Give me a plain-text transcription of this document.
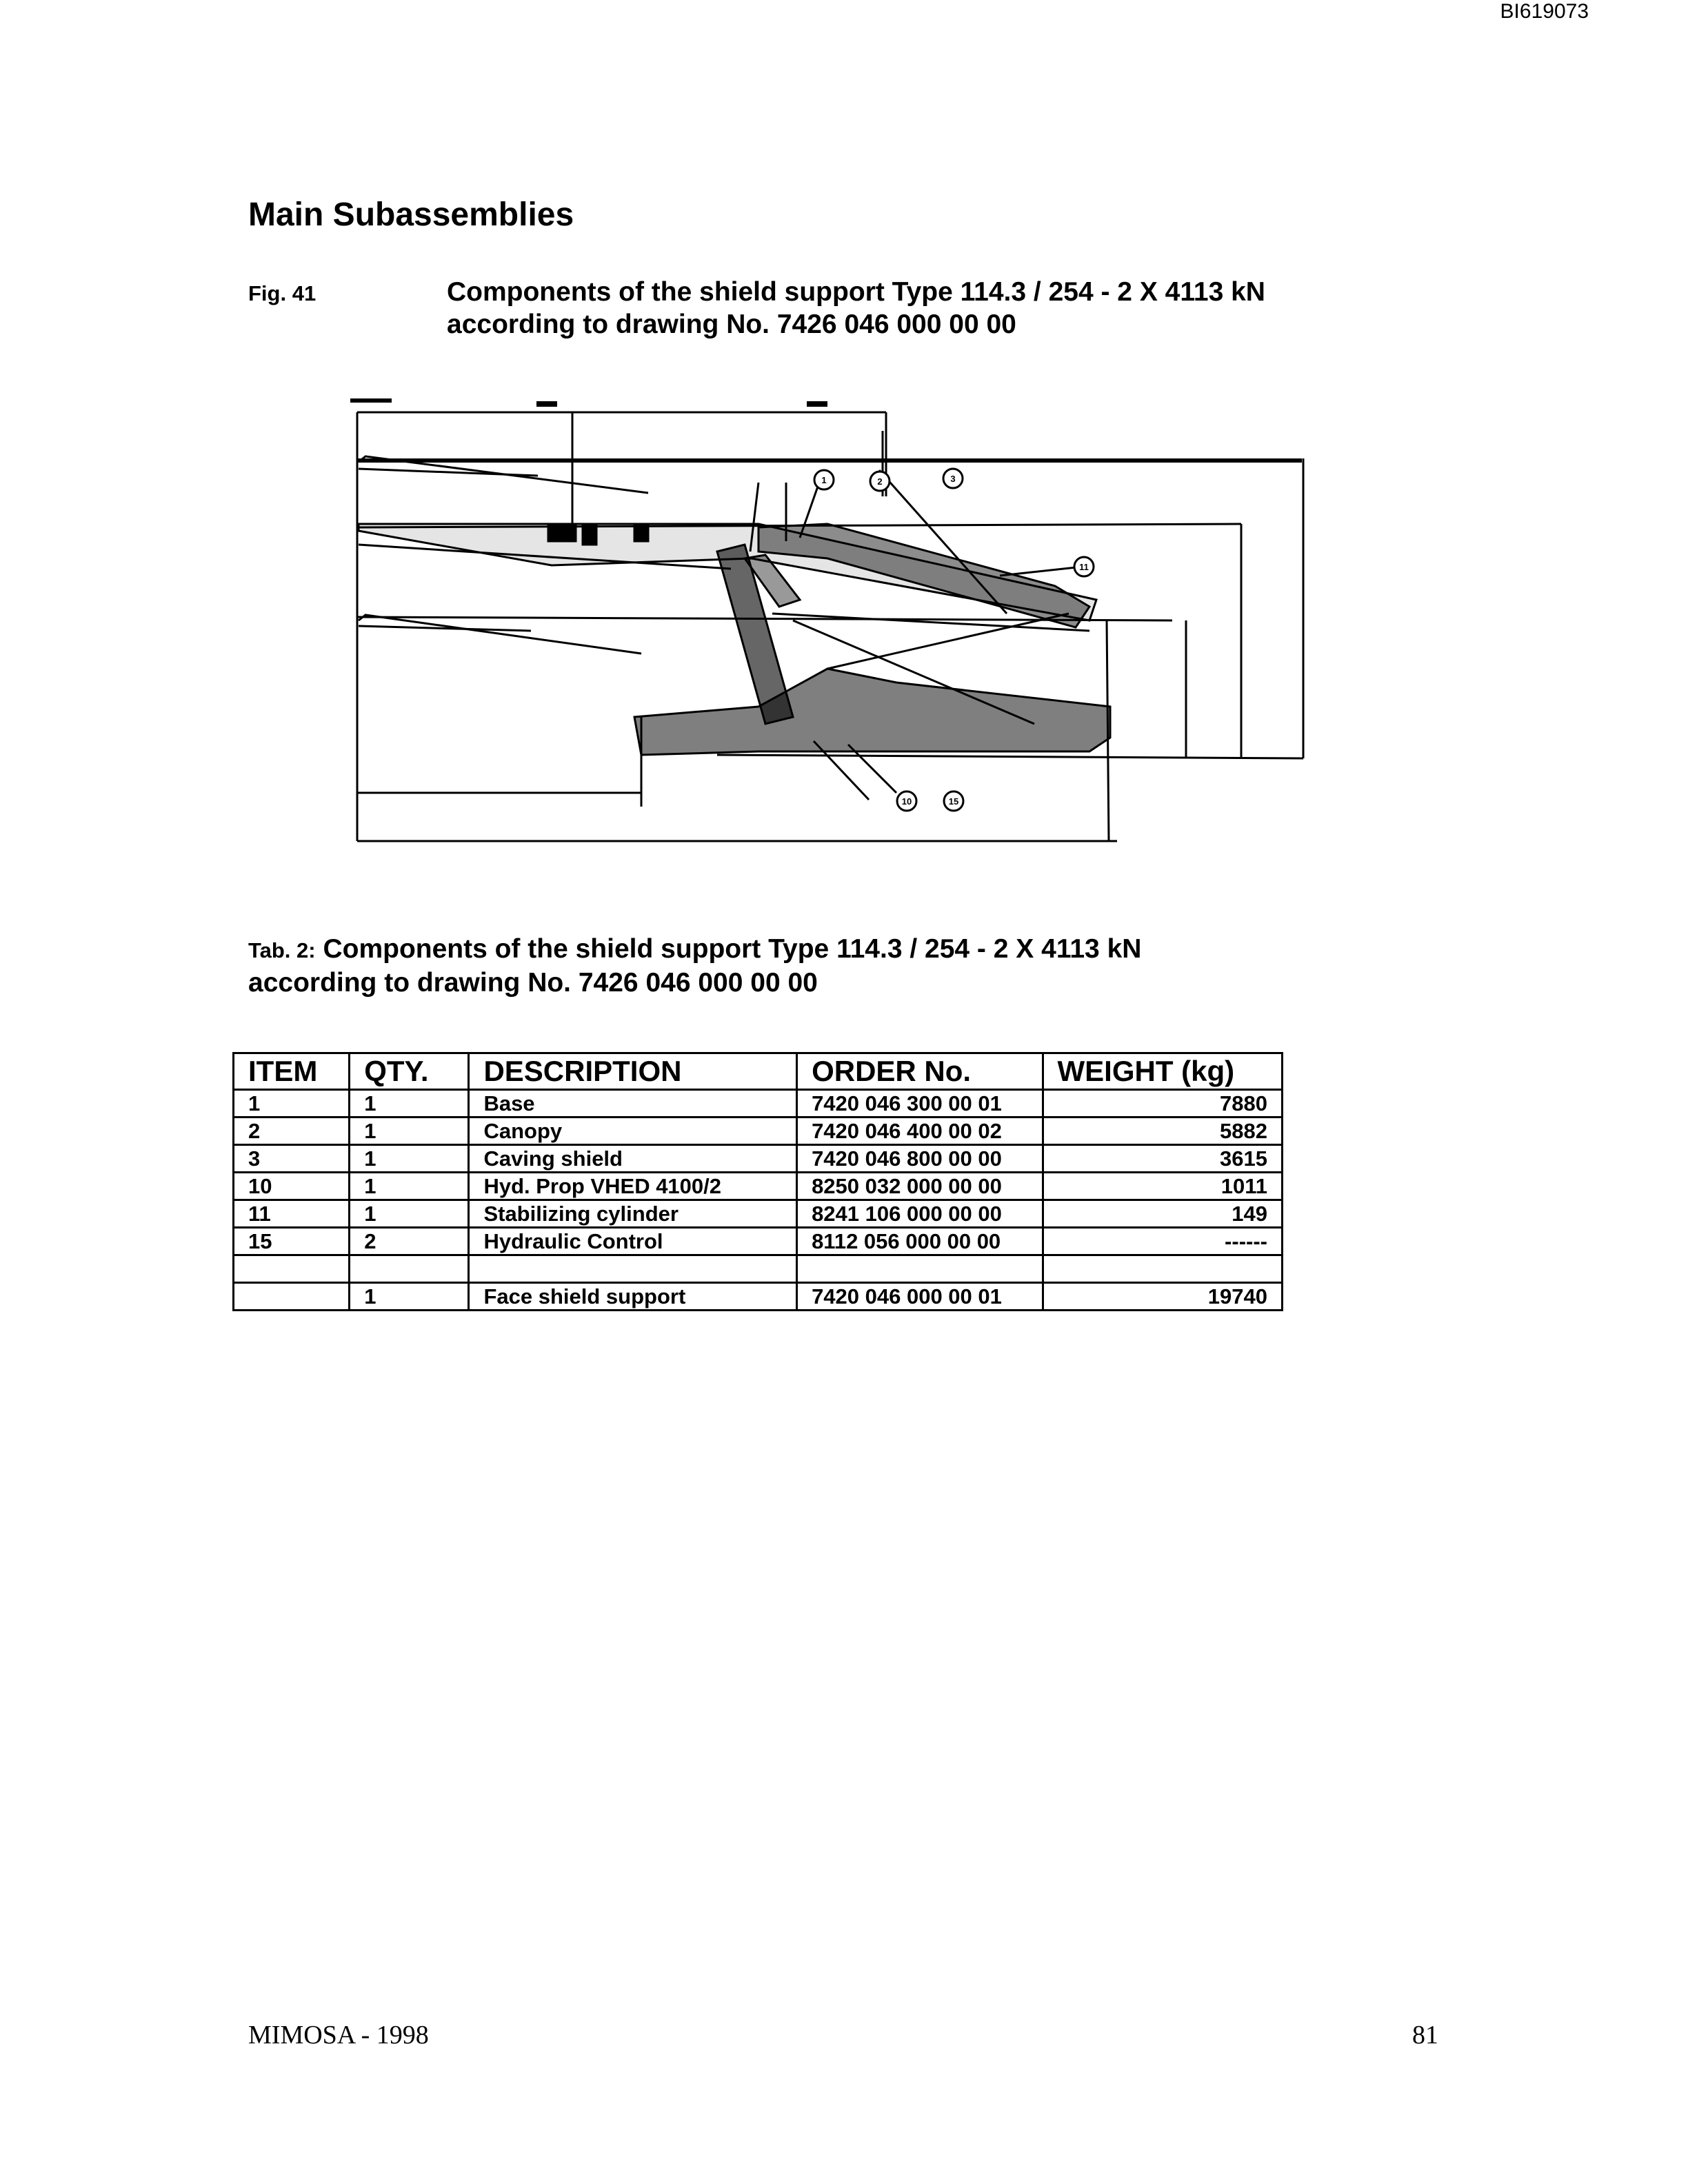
BI619073
Main Subassemblies
Fig. 41	Components of the shield support Type 114.3 / 254 - 2 X 4113 kN
according to drawing No. 7426 046 000 00 00
1	2	3
11
10	15
Tab. 2: Components of the shield support Type 114.3 / 254 - 2 X 4113 kN
according to drawing No. 7426 046 000 00 00
ITEM	QTY.	DESCRIPTION	ORDER No.	WEIGHT (kg)
1	1	Base	7420 046 300 00 01	7880
2	1	Canopy	7420 046 400 00 02	5882
3	1	Caving shield	7420 046 800 00 00	3615
10	1	Hyd. Prop VHED 4100/2	8250 032 000 00 00	1011
11	1	Stabilizing cylinder	8241 106 000 00 00	149
15	2	Hydraulic Control	8112 056 000 00 00	------

	1	Face shield support	7420 046 000 00 01	19740
MIMOSA - 1998	81
